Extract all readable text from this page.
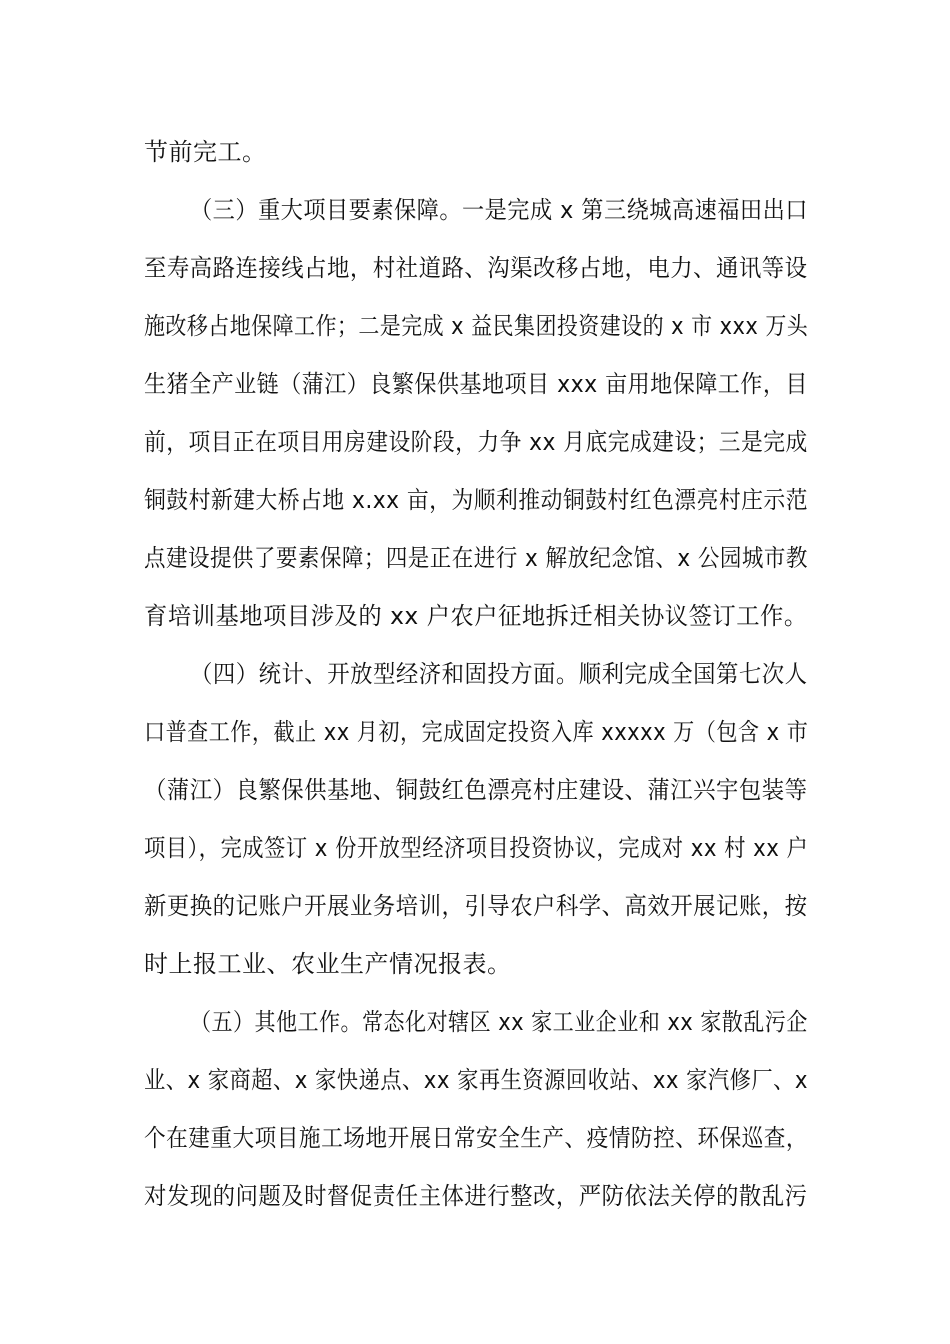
节前完工。
（三）重大项目要素保障。一是完成 x 第三绕城高速福田出口
至寿高路连接线占地，村社道路、沟渠改移占地，电力、通讯等设
施改移占地保障工作；二是完成 x 益民集团投资建设的 x 市 xxx 万头
生猪全产业链（蒲江）良繁保供基地项目 xxx 亩用地保障工作，目
前，项目正在项目用房建设阶段，力争 xx 月底完成建设；三是完成
铜鼓村新建大桥占地 x.xx 亩，为顺利推动铜鼓村红色漂亮村庄示范
点建设提供了要素保障；四是正在进行 x 解放纪念馆、x 公园城市教
育培训基地项目涉及的 xx 户农户征地拆迁相关协议签订工作。
（四）统计、开放型经济和固投方面。顺利完成全国第七次人
口普查工作，截止 xx 月初，完成固定投资入库 xxxxx 万（包含 x 市
（蒲江）良繁保供基地、铜鼓红色漂亮村庄建设、蒲江兴宇包装等
项目），完成签订 x 份开放型经济项目投资协议，完成对 xx 村 xx 户
新更换的记账户开展业务培训，引导农户科学、高效开展记账，按
时上报工业、农业生产情况报表。
（五）其他工作。常态化对辖区 xx 家工业企业和 xx 家散乱污企
业、x 家商超、x 家快递点、xx 家再生资源回收站、xx 家汽修厂、x
个在建重大项目施工场地开展日常安全生产、疫情防控、环保巡查，
对发现的问题及时督促责任主体进行整改，严防依法关停的散乱污
